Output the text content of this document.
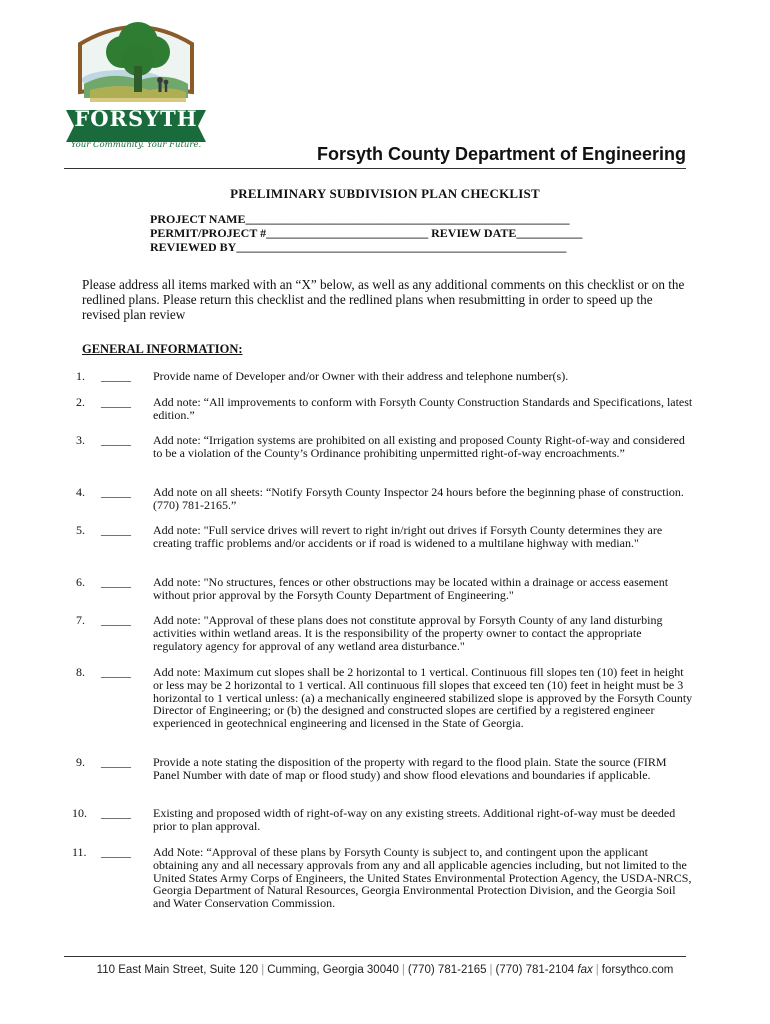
FORSYTH
COUNTY, GEORGIA
Your Community. Your Future.	Forsyth County Department of Engineering
PRELIMINARY SUBDIVISION PLAN CHECKLIST
PROJECT NAME______________________________________________________
PERMIT/PROJECT #___________________________ REVIEW DATE___________
REVIEWED BY_______________________________________________________
Please address all items marked with an “X” below, as well as any additional comments on this checklist or on the redlined plans. Please return this checklist and the redlined plans when resubmitting in order to speed up the revised plan review
GENERAL INFORMATION:
1.	_____ Provide name of Developer and/or Owner with their address and telephone number(s).
2.	_____ Add note: “All improvements to conform with Forsyth County Construction Standards and Specifications, latest edition.”
3.	_____ Add note: “Irrigation systems are prohibited on all existing and proposed County Right-of-way and considered to be a violation of the County’s Ordinance prohibiting unpermitted right-of-way encroachments.”
4.	_____ Add note on all sheets: “Notify Forsyth County Inspector 24 hours before the beginning phase of construction. (770) 781-2165.”
5.	_____ Add note: "Full service drives will revert to right in/right out drives if Forsyth County determines they are creating traffic problems and/or accidents or if road is widened to a multilane highway with median."
6.	_____ Add note: "No structures, fences or other obstructions may be located within a drainage or access easement without prior approval by the Forsyth County Department of Engineering."
7.	_____ Add note: "Approval of these plans does not constitute approval by Forsyth County of any land disturbing activities within wetland areas. It is the responsibility of the property owner to contact the appropriate regulatory agency for approval of any wetland area disturbance."
8.	_____ Add note: Maximum cut slopes shall be 2 horizontal to 1 vertical. Continuous fill slopes ten (10) feet in height or less may be 2 horizontal to 1 vertical. All continuous fill slopes that exceed ten (10) feet in height must be 3 horizontal to 1 vertical unless: (a) a mechanically engineered stabilized slope is approved by the Forsyth County Director of Engineering; or (b) the designed and constructed slopes are certified by a registered engineer experienced in geotechnical engineering and licensed in the State of Georgia.
9.	_____ Provide a note stating the disposition of the property with regard to the flood plain. State the source (FIRM Panel Number with date of map or flood study) and show flood elevations and boundaries if applicable.
10.	_____ Existing and proposed width of right-of-way on any existing streets. Additional right-of-way must be deeded prior to plan approval.
11.	_____ Add Note: “Approval of these plans by Forsyth County is subject to, and contingent upon the applicant obtaining any and all necessary approvals from any and all applicable agencies including, but not limited to the United States Army Corps of Engineers, the United States Environmental Protection Agency, the USDA-NRCS, Georgia Department of Natural Resources, Georgia Environmental Protection Division, and the Georgia Soil and Water Conservation Commission.
110 East Main Street, Suite 120 | Cumming, Georgia 30040 | (770) 781-2165 | (770) 781-2104 fax | forsythco.com
